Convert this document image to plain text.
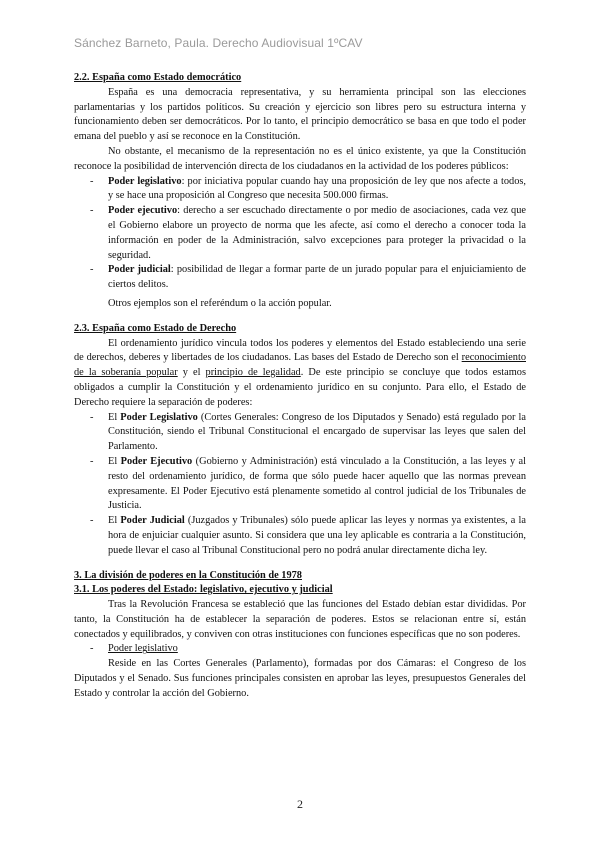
Sánchez Barneto, Paula. Derecho Audiovisual 1ºCAV

2.2. España como Estado democrático

España es una democracia representativa, y su herramienta principal son las elecciones parlamentarias y los partidos políticos. Su creación y ejercicio son libres pero su estructura interna y funcionamiento deben ser democráticos. Por lo tanto, el principio democrático se basa en que todo el poder emana del pueblo y así se reconoce en la Constitución.

No obstante, el mecanismo de la representación no es el único existente, ya que la Constitución reconoce la posibilidad de intervención directa de los ciudadanos en la actividad de los poderes públicos:

- Poder legislativo: por iniciativa popular cuando hay una proposición de ley que nos afecte a todos, y se hace una proposición al Congreso que necesita 500.000 firmas.
- Poder ejecutivo: derecho a ser escuchado directamente o por medio de asociaciones, cada vez que el Gobierno elabore un proyecto de norma que les afecte, así como el derecho a conocer toda la información en poder de la Administración, salvo excepciones para proteger la privacidad o la seguridad.
- Poder judicial: posibilidad de llegar a formar parte de un jurado popular para el enjuiciamiento de ciertos delitos.

Otros ejemplos son el referéndum o la acción popular.

2.3. España como Estado de Derecho

El ordenamiento jurídico vincula todos los poderes y elementos del Estado estableciendo una serie de derechos, deberes y libertades de los ciudadanos. Las bases del Estado de Derecho son el reconocimiento de la soberanía popular y el principio de legalidad. De este principio se concluye que todos estamos obligados a cumplir la Constitución y el ordenamiento jurídico en su conjunto. Para ello, el Estado de Derecho requiere la separación de poderes:

- El Poder Legislativo (Cortes Generales: Congreso de los Diputados y Senado) está regulado por la Constitución, siendo el Tribunal Constitucional el encargado de supervisar las leyes que salen del Parlamento.
- El Poder Ejecutivo (Gobierno y Administración) está vinculado a la Constitución, a las leyes y al resto del ordenamiento jurídico, de forma que sólo puede hacer aquello que las normas prevean expresamente. El Poder Ejecutivo está plenamente sometido al control judicial de los Tribunales de Justicia.
- El Poder Judicial (Juzgados y Tribunales) sólo puede aplicar las leyes y normas ya existentes, a la hora de enjuiciar cualquier asunto. Si considera que una ley aplicable es contraria a la Constitución, puede llevar el caso al Tribunal Constitucional pero no podrá anular directamente dicha ley.

3. La división de poderes en la Constitución de 1978

3.1. Los poderes del Estado: legislativo, ejecutivo y judicial

Tras la Revolución Francesa se estableció que las funciones del Estado debían estar divididas. Por tanto, la Constitución ha de establecer la separación de poderes. Estos se relacionan entre sí, están conectados y equilibrados, y conviven con otras instituciones con funciones específicas que no son poderes.

- Poder legislativo

Reside en las Cortes Generales (Parlamento), formadas por dos Cámaras: el Congreso de los Diputados y el Senado. Sus funciones principales consisten en aprobar las leyes, presupuestos Generales del Estado y controlar la acción del Gobierno.

2
